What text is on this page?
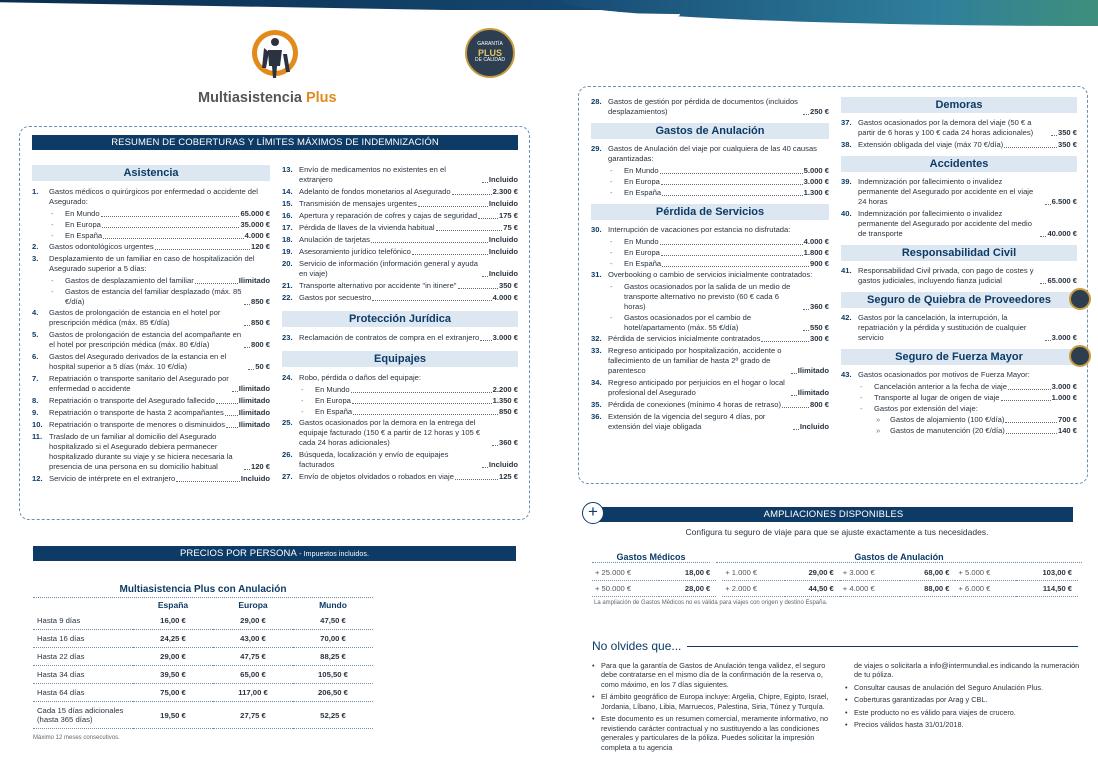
Multiasistencia Plus
GARANTÍA
PLUS
DE CALIDAD
RESUMEN DE COBERTURAS Y LÍMITES MÁXIMOS DE INDEMNIZACIÓN
Asistencia
1.	Gastos médicos o quirúrgicos por enfermedad o accidente del Asegurado:
-	En Mundo	65.000 €
-	En Europa	35.000 €
-	En España	4.000 €
2.	Gastos odontológicos urgentes	120 €
3.	Desplazamiento de un familiar en caso de hospitalización del Asegurado superior a 5 días:
-	Gastos de desplazamiento del familiar	Ilimitado
-	Gastos de estancia del familiar desplazado (máx. 85 €/día)	850 €
4.	Gastos de prolongación de estancia en el hotel por prescripción médica (máx. 85 €/día)	850 €
5.	Gastos de prolongación de estancia del acompañante en el hotel por prescripción médica (máx. 80 €/día)	800 €
6.	Gastos del Asegurado derivados de la estancia en el hospital superior a 5 días (máx. 10 €/día)	50 €
7.	Repatriación o transporte sanitario del Asegurado por enfermedad o accidente	Ilimitado
8.	Repatriación o transporte del Asegurado fallecido	Ilimitado
9.	Repatriación o transporte de hasta 2 acompañantes Ilimitado
10. Repatriación o transporte de menores o disminuidos Ilimitado
11. Traslado de un familiar al domicilio del Asegurado hospitalizado si el Asegurado debiera permanecer hospitalizado durante su viaje y se hiciera necesaria la presencia de una persona en su domicilio habitual	120 €
12. Servicio de intérprete en el extranjero	Incluido
13. Envío de medicamentos no existentes en el extranjero	Incluido
14. Adelanto de fondos monetarios al Asegurado	2.300 €
15. Transmisión de mensajes urgentes	Incluido
16. Apertura y reparación de cofres y cajas de seguridad	175 €
17. Pérdida de llaves de la vivienda habitual	75 €
18. Anulación de tarjetas	Incluido
19. Asesoramiento jurídico telefónico	Incluido
20. Servicio de información (información general y ayuda en viaje)	Incluido
21. Transporte alternativo por accidente "in itinere"	350 €
22. Gastos por secuestro	4.000 €
Protección Jurídica
23. Reclamación de contratos de compra en el extranjero 3.000 €
Equipajes
24. Robo, pérdida o daños del equipaje:
-	En Mundo	2.200 €
-	En Europa	1.350 €
-	En España	850 €
25. Gastos ocasionados por la demora en la entrega del equipaje facturado (150 € a partir de 12 horas y 105 € cada 24 horas adicionales)	360 €
26. Búsqueda, localización y envío de equipajes facturados	Incluido
27. Envío de objetos olvidados o robados en viaje	125 €
PRECIOS POR PERSONA - Impuestos incluidos.
Multiasistencia Plus con Anulación
	España	Europa	Mundo
Hasta 9 días	16,00 €	29,00 €	47,50 €
Hasta 16 días	24,25 €	43,00 €	70,00 €
Hasta 22 días	29,00 €	47,75 €	88,25 €
Hasta 34 días	39,50 €	65,00 €	105,50 €
Hasta 64 días	75,00 €	117,00 €	206,50 €
Cada 15 días adicionales (hasta 365 días)	19,50 €	27,75 €	52,25 €
Máximo 12 meses consecutivos.
28. Gastos de gestión por pérdida de documentos (incluidos desplazamientos)	250 €
Gastos de Anulación
29. Gastos de Anulación del viaje por cualquiera de las 40 causas garantizadas:
-	En Mundo	5.000 €
-	En Europa	3.000 €
-	En España	1.300 €
Pérdida de Servicios
30. Interrupción de vacaciones por estancia no disfrutada:
-	En Mundo	4.000 €
-	En Europa	1.800 €
-	En España	900 €
31. Overbooking o cambio de servicios inicialmente contratados:
-	Gastos ocasionados por la salida de un medio de transporte alternativo no previsto (60 € cada 6 horas)	360 €
-	Gastos ocasionados por el cambio de hotel/apartamento (máx. 55 €/día)	550 €
32. Pérdida de servicios inicialmente contratados	300 €
33. Regreso anticipado por hospitalización, accidente o fallecimiento de un familiar de hasta 2º grado de parentesco	Ilimitado
34. Regreso anticipado por perjuicios en el hogar o local profesional del Asegurado	Ilimitado
35. Pérdida de conexiones (mínimo 4 horas de retraso)	800 €
36. Extensión de la vigencia del seguro 4 días, por extensión del viaje obligada	Incluido
Demoras
37. Gastos ocasionados por la demora del viaje (50 € a partir de 6 horas y 100 € cada 24 horas adicionales)	350 €
38. Extensión obligada del viaje (máx 70 €/día)	350 €
Accidentes
39. Indemnización por fallecimiento o invalidez permanente del Asegurado por accidente en el viaje 24 horas	6.500 €
40. Indemnización por fallecimiento o invalidez permanente del Asegurado por accidente del medio de transporte	40.000 €
Responsabilidad Civil
41. Responsabilidad Civil privada, con pago de costes y gastos judiciales, incluyendo fianza judicial	65.000 €
Seguro de Quiebra de Proveedores
42. Gastos por la cancelación, la interrupción, la repatriación y la pérdida y sustitución de cualquier servicio	3.000 €
Seguro de Fuerza Mayor
43. Gastos ocasionados por motivos de Fuerza Mayor:
-	Cancelación anterior a la fecha de viaje	3.000 €
-	Transporte al lugar de origen de viaje	1.000 €
-	Gastos por extensión del viaje:
»	Gastos de alojamiento (100 €/día)	700 €
»	Gastos de manutención (20 €/día)	140 €
+	AMPLIACIONES DISPONIBLES
Configura tu seguro de viaje para que se ajuste exactamente a tus necesidades.
Gastos Médicos	Gastos de Anulación
+ 25.000 €	18,00 €	+ 1.000 €	29,00 €	+ 3.000 €	68,00 €	+ 5.000 €	103,00 €
+ 50.000 €	28,00 €	+ 2.000 €	44,50 €	+ 4.000 €	88,00 €	+ 6.000 €	114,50 €
La ampliación de Gastos Médicos no es válida para viajes con origen y destino España.
No olvides que...
• Para que la garantía de Gastos de Anulación tenga validez, el seguro debe contratarse en el mismo día de la confirmación de la reserva o, como máximo, en los 7 días siguientes.
• El ámbito geográfico de Europa incluye: Argelia, Chipre, Egipto, Israel, Jordania, Líbano, Libia, Marruecos, Palestina, Siria, Túnez y Turquía.
• Este documento es un resumen comercial, meramente informativo, no revistiendo carácter contractual y no sustituyendo a las condiciones generales y particulares de la póliza. Puedes solicitar la impresión completa a tu agencia
de viajes o solicitarla a info@intermundial.es indicando la numeración de tu póliza.
• Consultar causas de anulación del Seguro Anulación Plus.
• Coberturas garantizadas por Arag y CBL.
• Este producto no es válido para viajes de crucero.
• Precios válidos hasta 31/01/2018.
